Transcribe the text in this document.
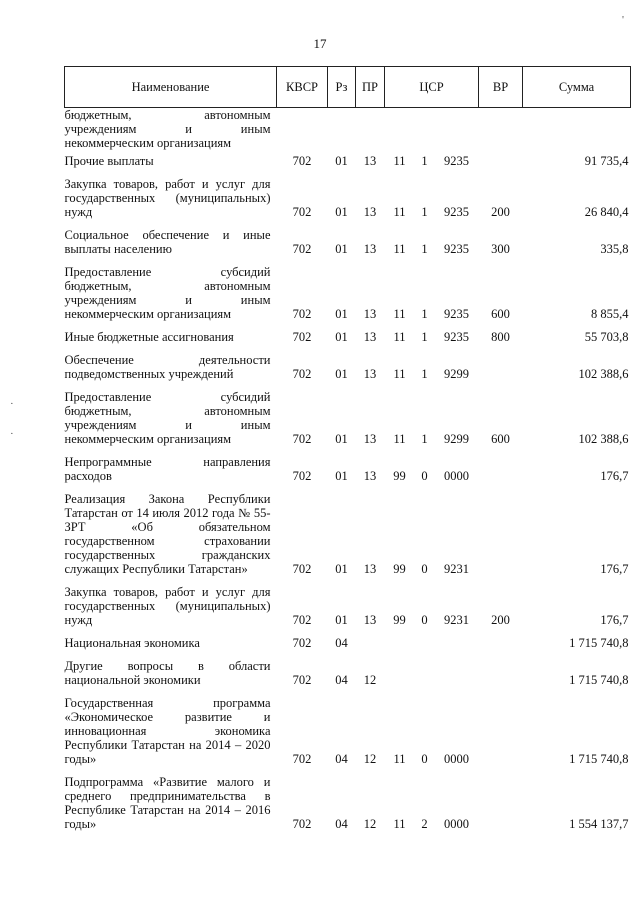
17
'
·
·
Наименование	КВСР	Рз	ПР	ЦСР			ВР	Сумма
бюджетным, автономным учреждениям и иным некоммерческим организациям								
Прочие выплаты	702	01	13	11	1	9235		91 735,4
Закупка товаров, работ и услуг для государственных (муниципальных) нужд	702	01	13	11	1	9235	200	26 840,4
Социальное обеспечение и иные выплаты населению	702	01	13	11	1	9235	300	335,8
Предоставление субсидий бюджетным, автономным учреждениям и иным некоммерческим организациям	702	01	13	11	1	9235	600	8 855,4
Иные бюджетные ассигнования	702	01	13	11	1	9235	800	55 703,8
Обеспечение деятельности подведомственных учреждений	702	01	13	11	1	9299		102 388,6
Предоставление субсидий бюджетным, автономным учреждениям и иным некоммерческим организациям	702	01	13	11	1	9299	600	102 388,6
Непрограммные направления расходов	702	01	13	99	0	0000		176,7
Реализация Закона Республики Татарстан от 14 июля 2012 года № 55-ЗРТ «Об обязательном государственном страховании государственных гражданских служащих Республики Татарстан»	702	01	13	99	0	9231		176,7
Закупка товаров, работ и услуг для государственных (муниципальных) нужд	702	01	13	99	0	9231	200	176,7
Национальная экономика	702	04						1 715 740,8
Другие вопросы в области национальной экономики	702	04	12					1 715 740,8
Государственная программа «Экономическое развитие и инновационная экономика Республики Татарстан на 2014 – 2020 годы»	702	04	12	11	0	0000		1 715 740,8
Подпрограмма «Развитие малого и среднего предпринимательства в Республике Татарстан на 2014 – 2016 годы»	702	04	12	11	2	0000		1 554 137,7
